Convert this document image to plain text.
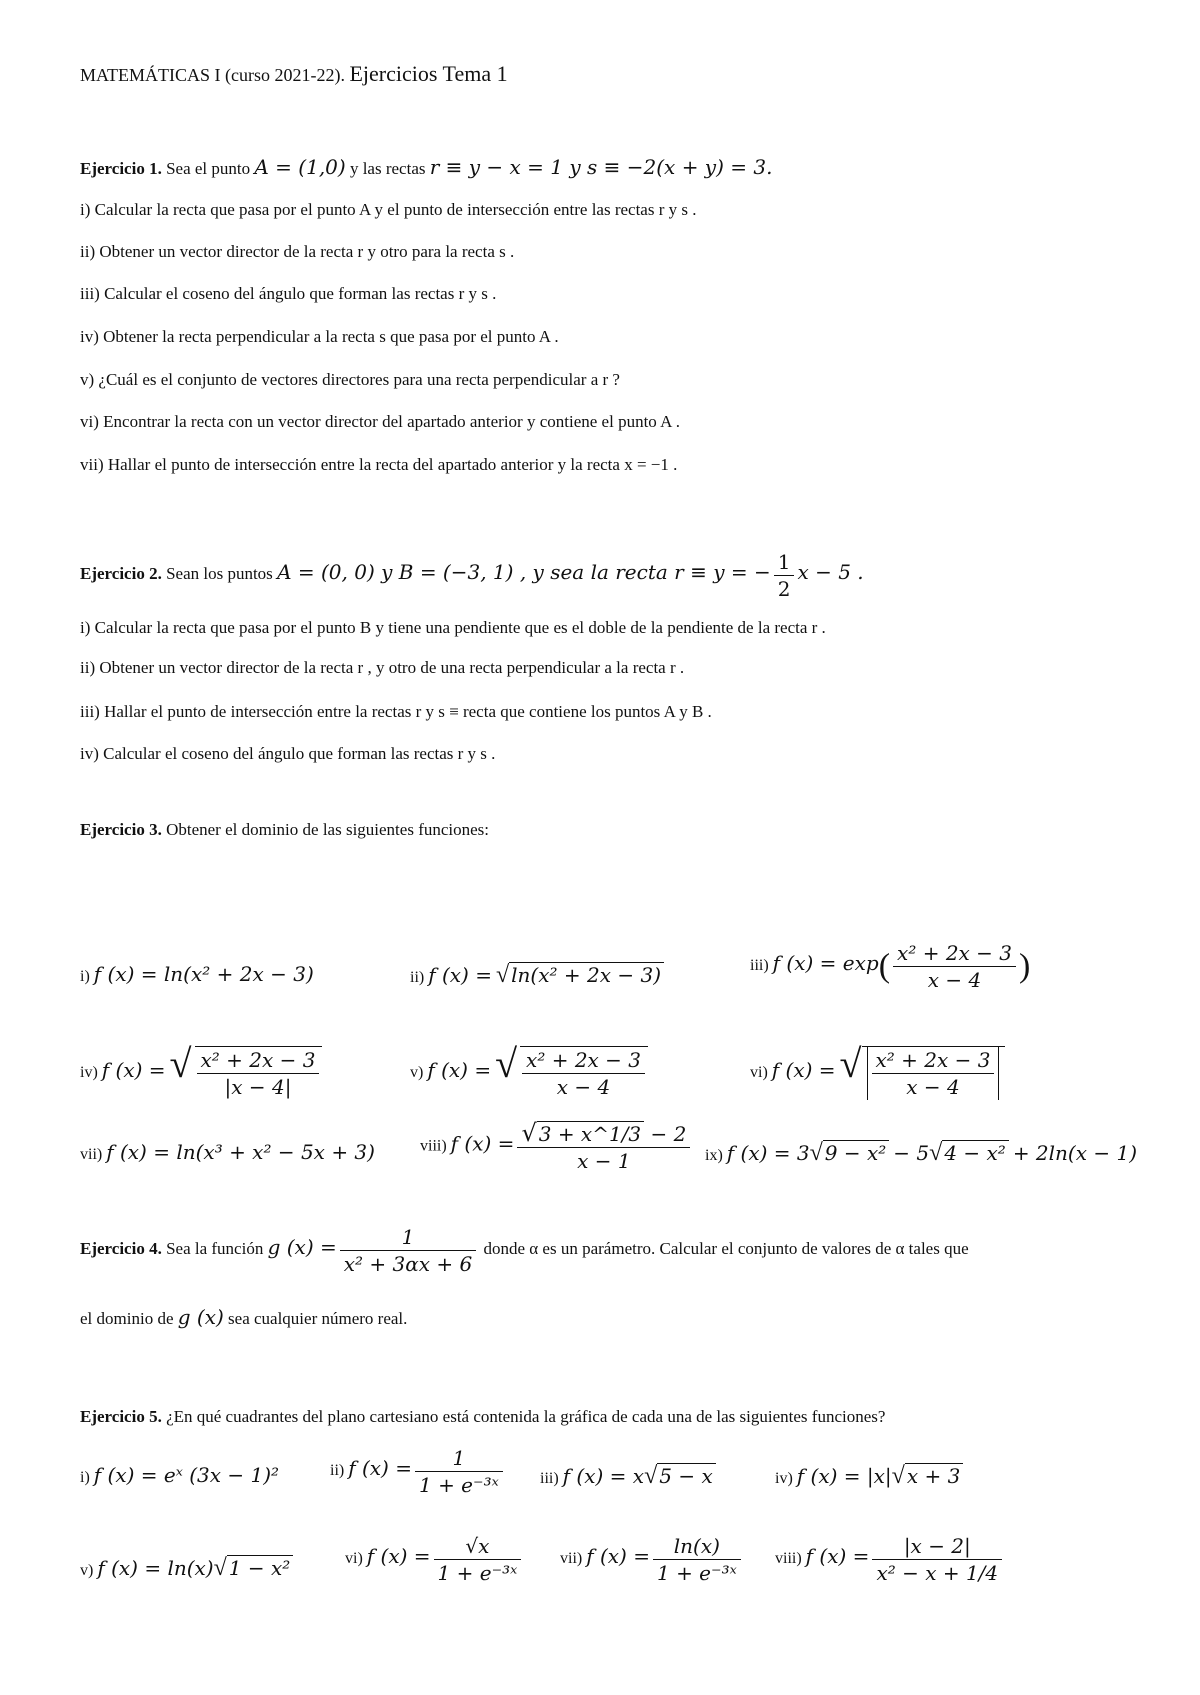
MATEMÁTICAS I (curso 2021-22). Ejercicios Tema 1
Ejercicio 1. Sea el punto A = (1,0) y las rectas r ≡ y − x = 1 y s ≡ −2(x + y) = 3.
i) Calcular la recta que pasa por el punto A y el punto de intersección entre las rectas r y s .
ii) Obtener un vector director de la recta r y otro para la recta s .
iii) Calcular el coseno del ángulo que forman las rectas r y s .
iv) Obtener la recta perpendicular a la recta s que pasa por el punto A .
v) ¿Cuál es el conjunto de vectores directores para una recta perpendicular a r ?
vi) Encontrar la recta con un vector director del apartado anterior y contiene el punto A .
vii) Hallar el punto de intersección entre la recta del apartado anterior y la recta x = −1 .
Ejercicio 2. Sean los puntos A = (0, 0) y B = (−3, 1) , y sea la recta r ≡ y = − $\frac{1}{2}$ x − 5 .
i) Calcular la recta que pasa por el punto B y tiene una pendiente que es el doble de la pendiente de la recta r .
ii) Obtener un vector director de la recta r , y otro de una recta perpendicular a la recta r .
iii) Hallar el punto de intersección entre la rectas r y s ≡ recta que contiene los puntos A y B .
iv) Calcular el coseno del ángulo que forman las rectas r y s .
Ejercicio 3. Obtener el dominio de las siguientes funciones:
i) f (x) = ln(x² + 2x − 3)	ii) f (x) = √ ln(x² + 2x − 3)	iii) f $(x) = \exp( \frac{\text{x² + 2x − 3}}{x - 4}$ )
iv) f (x) = √ $\frac{\text{x² + 2x − 3}}{|x - 4|}$	v) f (x) = √ $\frac{\text{x² + 2x − 3}}{x - 4}$	vi) f (x) = √ $\frac{\text{x² + 2x − 3}}{x - 4}$
vii) f (x) = ln(x³ + x² − 5x + 3)	viii) f $(x) = \frac{√ 3 + x\^{}1/3 - 2}{x - 1} ix$) f (x) = 3√ 9 − x² − 5√ 4 − x² + 2ln(x − 1)
Ejercicio 4. Sea la función g $(x) = \frac{1}{\text{x² + 3αx + 6}}$ donde α es un parámetro. Calcular el conjunto de valores de α tales que
el dominio de g (x) sea cualquier número real.
Ejercicio 5. ¿En qué cuadrantes del plano cartesiano está contenida la gráfica de cada una de las siguientes funciones?
i) f (x) = eˣ (3x − 1)²	ii) f $(x) = \frac{1}{\text{1 + e⁻³ˣ}} iii$) f (x) = x√ 5 − x	iv) f (x) = |x|√ x + 3
v) f (x) = ln(x)√ 1 − x²	vi) f $(x) = \frac{√x}{\text{1 + e⁻³ˣ}} vii$) f $(x) = \frac{\ln(x)}{\text{1 + e⁻³ˣ}}$ viii) f $(x) = \frac{|x - 2|}{\text{x² − x + 1/4}}$
